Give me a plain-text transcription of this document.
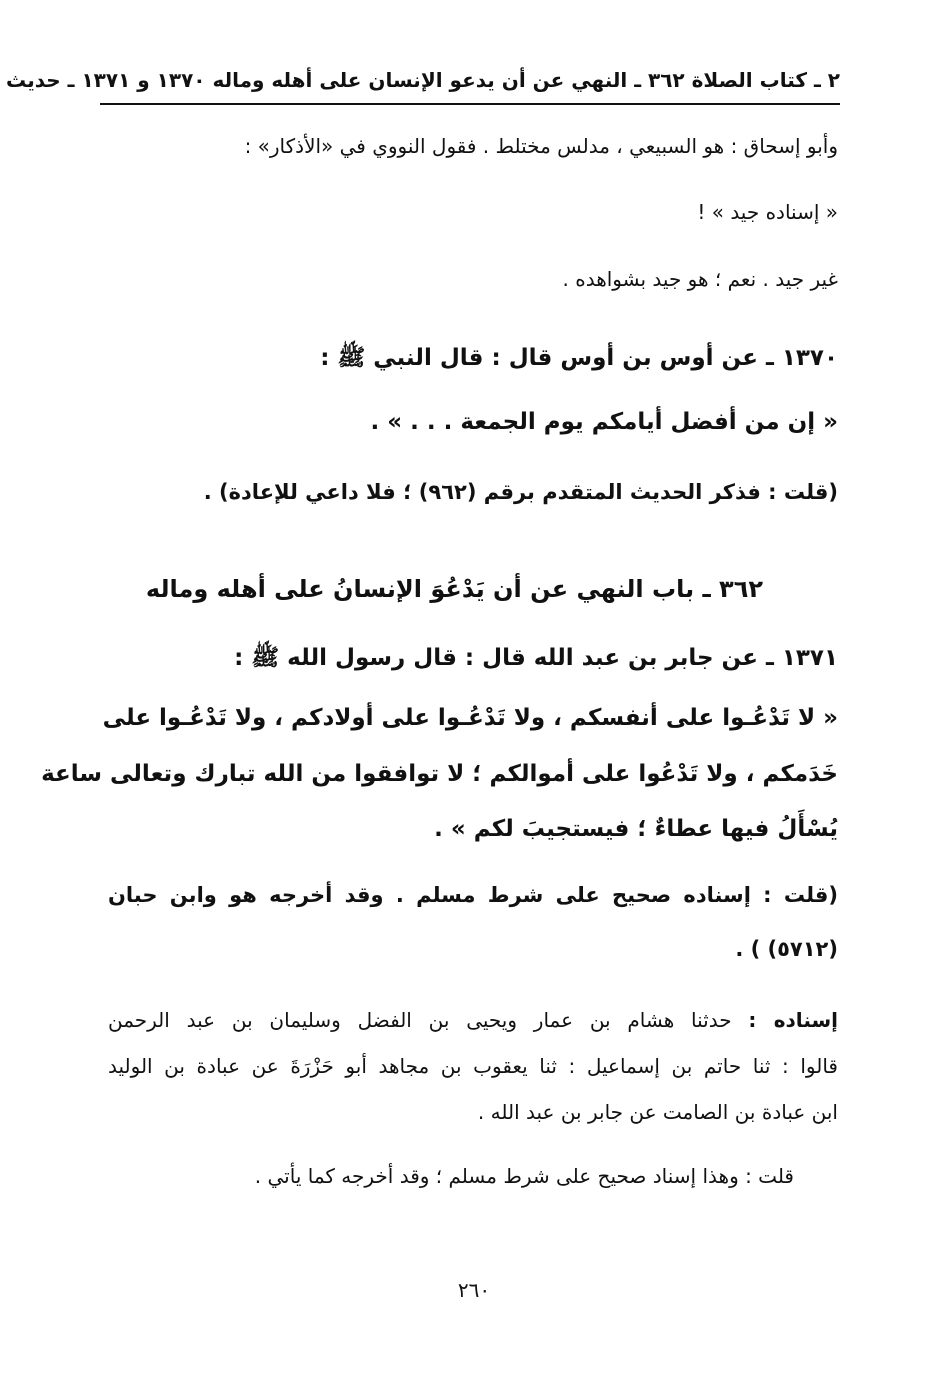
٢ ـ كتاب الصلاة ٣٦٢ ـ النهي عن أن يدعو الإنسان على أهله وماله ١٣٧٠ و ١٣٧١ ـ حديث
وأبو إسحاق : هو السبيعي ، مدلس مختلط . فقول النووي في «الأذكار» :
« إسناده جيد » !
غير جيد . نعم ؛ هو جيد بشواهده .
١٣٧٠ ـ عن أوس بن أوس قال : قال النبي ﷺ :
« إن من أفضل أيامكم يوم الجمعة . . . » .
(قلت : فذكر الحديث المتقدم برقم (٩٦٢) ؛ فلا داعي للإعادة) .
٣٦٢ ـ باب النهي عن أن يَدْعُوَ الإنسانُ على أهله وماله
١٣٧١ ـ عن جابر بن عبد الله قال : قال رسول الله ﷺ :
« لا تَدْعُـوا على أنفسكم ، ولا تَدْعُـوا على أولادكم ، ولا تَدْعُـوا على
خَدَمكم ، ولا تَدْعُوا على أموالكم ؛ لا توافقوا من الله تبارك وتعالى ساعة
يُسْأَلُ فيها عطاءٌ ؛ فيستجيبَ لكم » .
(قلت : إسناده صحيح على شرط مسلم . وقد أخرجه هو وابن حبان
(٥٧١٢) ) .
إسناده : حدثنا هشام بن عمار ويحيى بن الفضل وسليمان بن عبد الرحمن
قالوا : ثنا حاتم بن إسماعيل : ثنا يعقوب بن مجاهد أبو حَزْرَةَ عن عبادة بن الوليد
ابن عبادة بن الصامت عن جابر بن عبد الله .
قلت : وهذا إسناد صحيح على شرط مسلم ؛ وقد أخرجه كما يأتي .
٢٦٠
